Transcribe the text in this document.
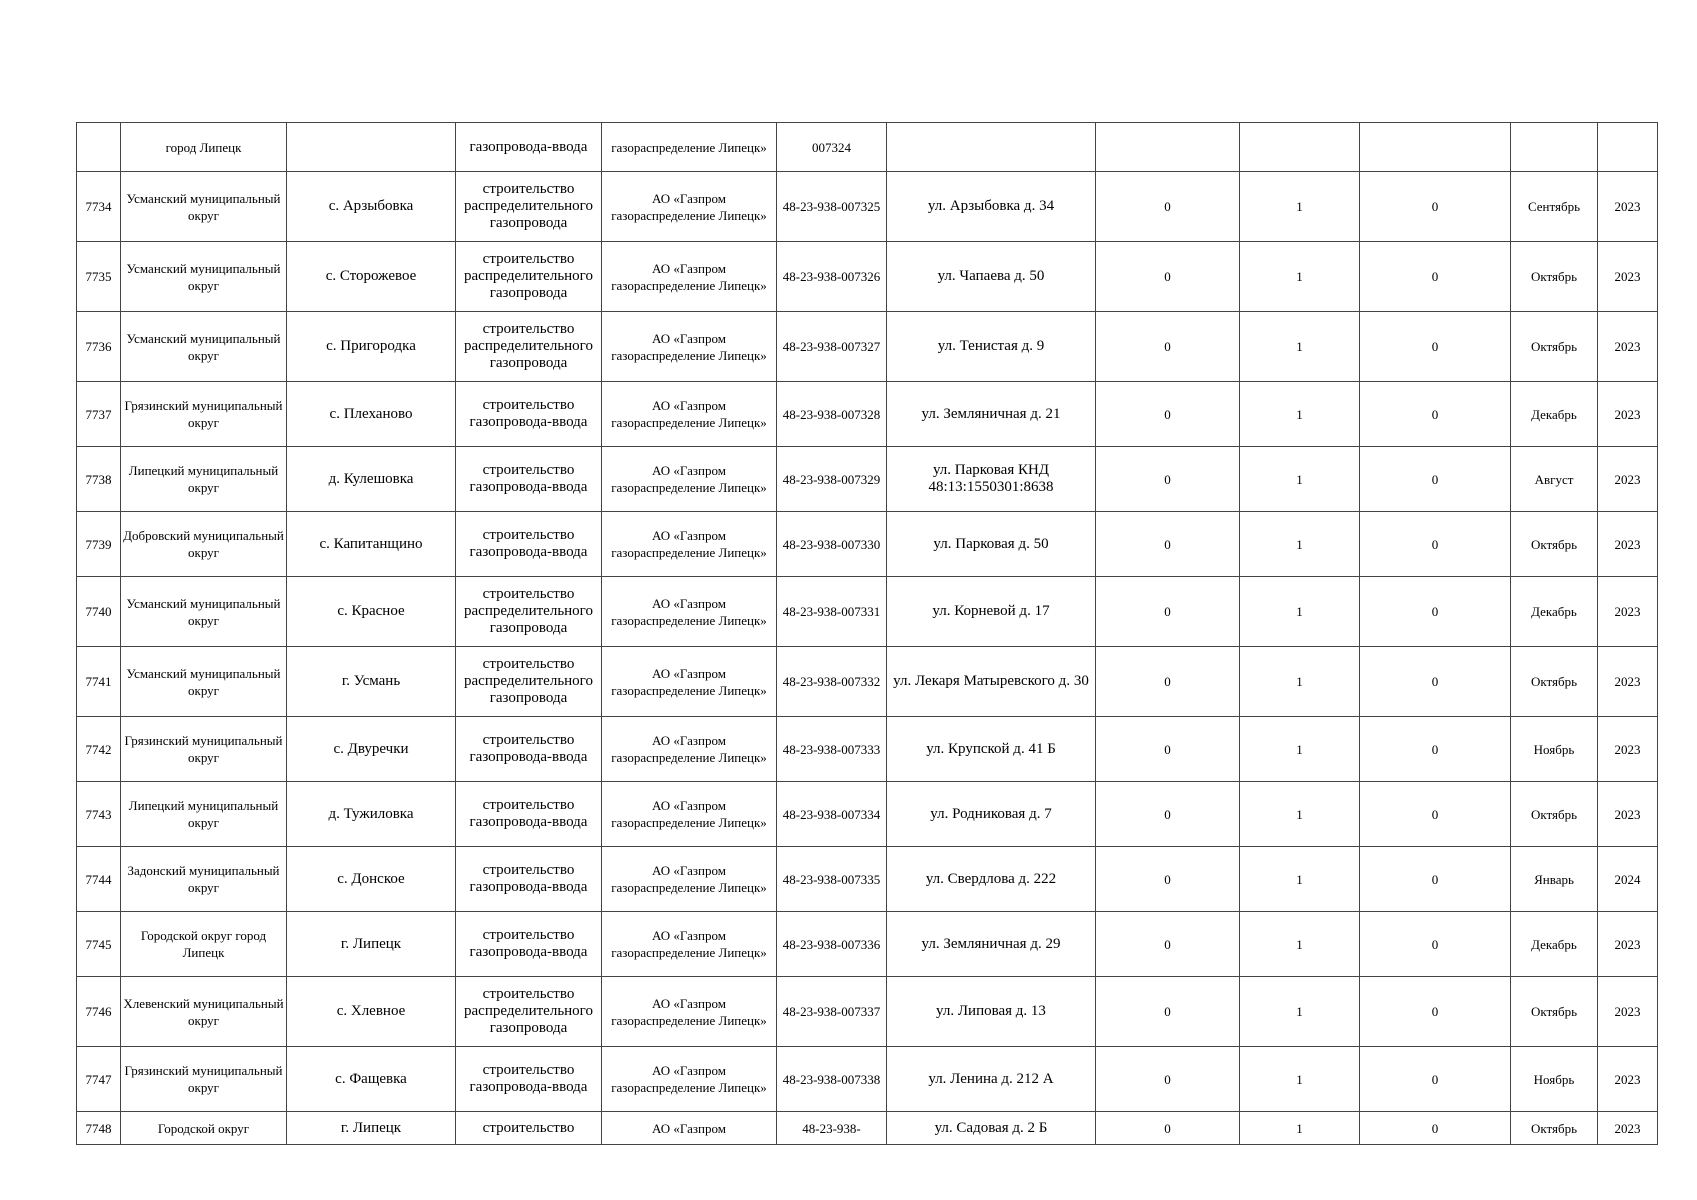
	город Липецк		газопровода-ввода	газораспределение Липецк»	007324						
7734	Усманский муниципальный округ	с. Арзыбовка	строительство распределительного газопровода	АО «Газпром газораспределение Липецк»	48-23-938-007325	ул. Арзыбовка д. 34	0	1	0	Сентябрь	2023
7735	Усманский муниципальный округ	с. Сторожевое	строительство распределительного газопровода	АО «Газпром газораспределение Липецк»	48-23-938-007326	ул. Чапаева д. 50	0	1	0	Октябрь	2023
7736	Усманский муниципальный округ	с. Пригородка	строительство распределительного газопровода	АО «Газпром газораспределение Липецк»	48-23-938-007327	ул. Тенистая д. 9	0	1	0	Октябрь	2023
7737	Грязинский муниципальный округ	с. Плеханово	строительство газопровода-ввода	АО «Газпром газораспределение Липецк»	48-23-938-007328	ул. Земляничная д. 21	0	1	0	Декабрь	2023
7738	Липецкий муниципальный округ	д. Кулешовка	строительство газопровода-ввода	АО «Газпром газораспределение Липецк»	48-23-938-007329	ул. Парковая КНД 48:13:1550301:8638	0	1	0	Август	2023
7739	Добровский муниципальный округ	с. Капитанщино	строительство газопровода-ввода	АО «Газпром газораспределение Липецк»	48-23-938-007330	ул. Парковая д. 50	0	1	0	Октябрь	2023
7740	Усманский муниципальный округ	с. Красное	строительство распределительного газопровода	АО «Газпром газораспределение Липецк»	48-23-938-007331	ул. Корневой д. 17	0	1	0	Декабрь	2023
7741	Усманский муниципальный округ	г. Усмань	строительство распределительного газопровода	АО «Газпром газораспределение Липецк»	48-23-938-007332	ул. Лекаря Матыревского д. 30	0	1	0	Октябрь	2023
7742	Грязинский муниципальный округ	с. Двуречки	строительство газопровода-ввода	АО «Газпром газораспределение Липецк»	48-23-938-007333	ул. Крупской д. 41 Б	0	1	0	Ноябрь	2023
7743	Липецкий муниципальный округ	д. Тужиловка	строительство газопровода-ввода	АО «Газпром газораспределение Липецк»	48-23-938-007334	ул. Родниковая д. 7	0	1	0	Октябрь	2023
7744	Задонский муниципальный округ	с. Донское	строительство газопровода-ввода	АО «Газпром газораспределение Липецк»	48-23-938-007335	ул. Свердлова д. 222	0	1	0	Январь	2024
7745	Городской округ город Липецк	г. Липецк	строительство газопровода-ввода	АО «Газпром газораспределение Липецк»	48-23-938-007336	ул. Земляничная д. 29	0	1	0	Декабрь	2023
7746	Хлевенский муниципальный округ	с. Хлевное	строительство распределительного газопровода	АО «Газпром газораспределение Липецк»	48-23-938-007337	ул. Липовая д. 13	0	1	0	Октябрь	2023
7747	Грязинский муниципальный округ	с. Фащевка	строительство газопровода-ввода	АО «Газпром газораспределение Липецк»	48-23-938-007338	ул. Ленина д. 212 А	0	1	0	Ноябрь	2023
7748	Городской округ	г. Липецк	строительство	АО «Газпром	48-23-938-	ул. Садовая д. 2 Б	0	1	0	Октябрь	2023
